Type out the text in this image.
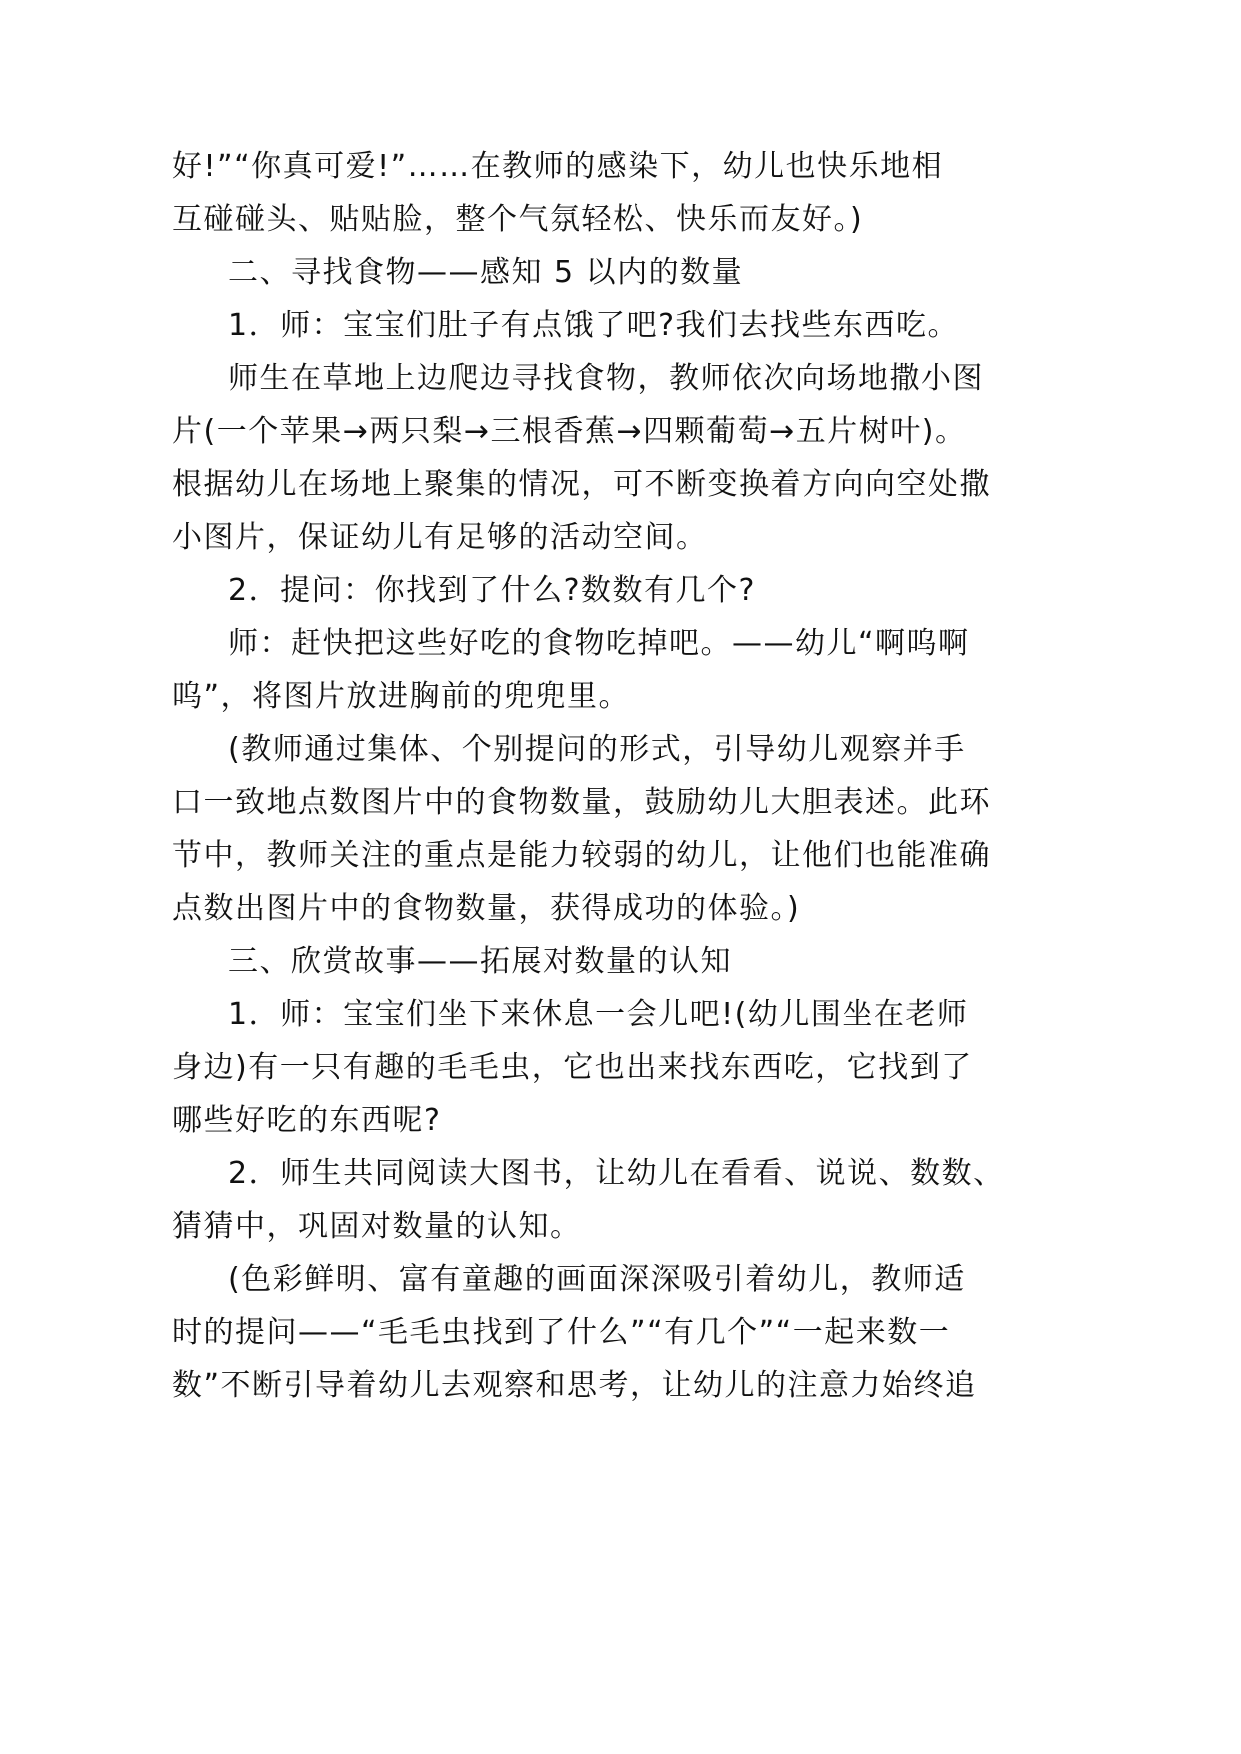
好!”“你真可爱!”……在教师的感染下，幼儿也快乐地相
互碰碰头、贴贴脸，整个气氛轻松、快乐而友好。)
二、寻找食物——感知 5 以内的数量
1．师：宝宝们肚子有点饿了吧?我们去找些东西吃。
师生在草地上边爬边寻找食物，教师依次向场地撒小图
片(一个苹果→两只梨→三根香蕉→四颗葡萄→五片树叶)。
根据幼儿在场地上聚集的情况，可不断变换着方向向空处撒
小图片，保证幼儿有足够的活动空间。
2．提问：你找到了什么?数数有几个?
师：赶快把这些好吃的食物吃掉吧。——幼儿“啊呜啊
呜”，将图片放进胸前的兜兜里。
(教师通过集体、个别提问的形式，引导幼儿观察并手
口一致地点数图片中的食物数量，鼓励幼儿大胆表述。此环
节中，教师关注的重点是能力较弱的幼儿，让他们也能准确
点数出图片中的食物数量，获得成功的体验。)
三、欣赏故事——拓展对数量的认知
1．师：宝宝们坐下来休息一会儿吧!(幼儿围坐在老师
身边)有一只有趣的毛毛虫，它也出来找东西吃，它找到了
哪些好吃的东西呢?
2．师生共同阅读大图书，让幼儿在看看、说说、数数、
猜猜中，巩固对数量的认知。
(色彩鲜明、富有童趣的画面深深吸引着幼儿，教师适
时的提问——“毛毛虫找到了什么”“有几个”“一起来数一
数”不断引导着幼儿去观察和思考，让幼儿的注意力始终追
